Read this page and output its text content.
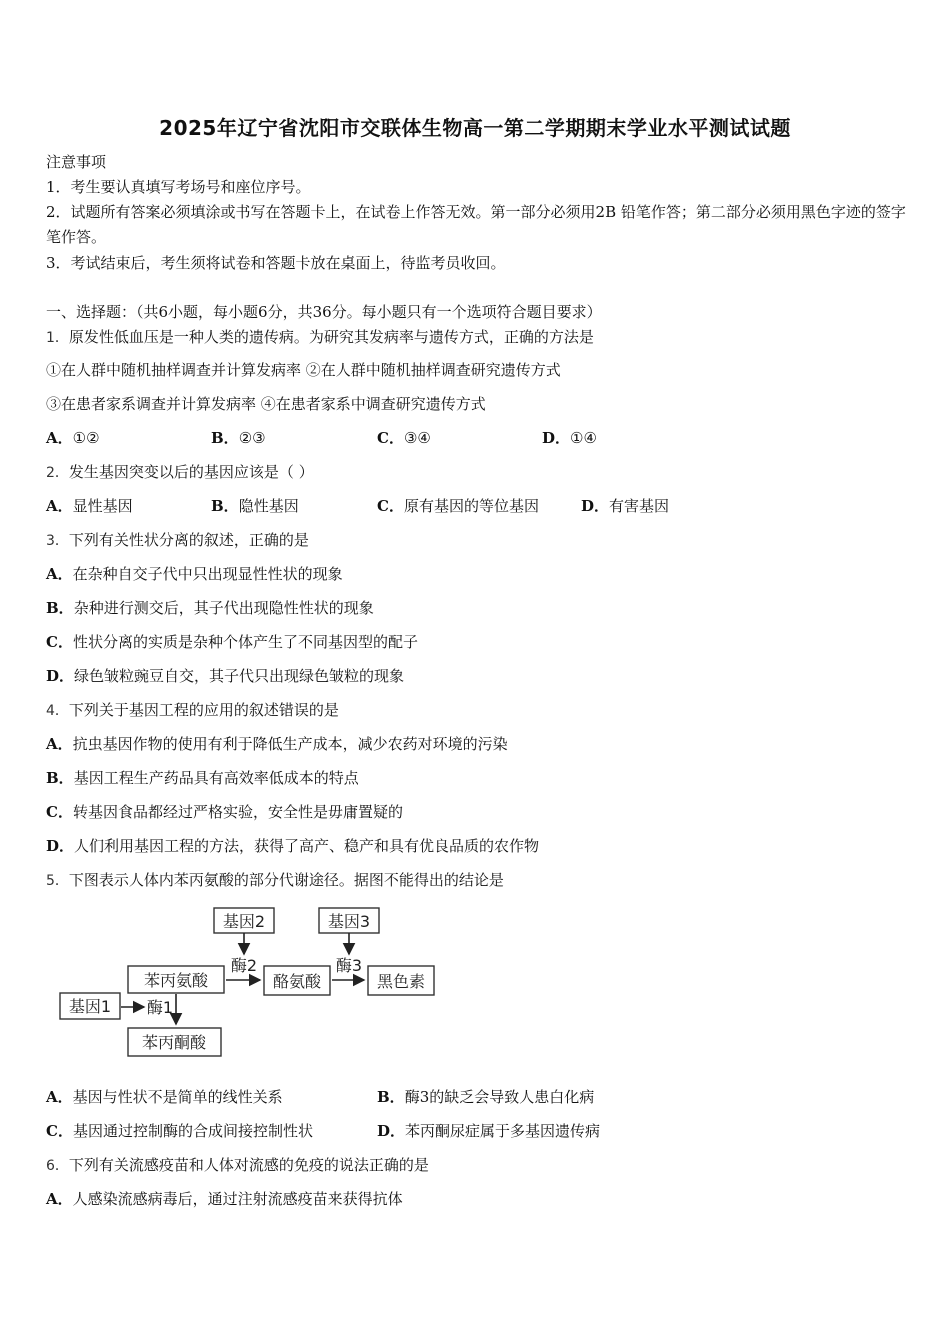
2025年辽宁省沈阳市交联体生物高一第二学期期末学业水平测试试题
注意事项
1．考生要认真填写考场号和座位序号。
2．试题所有答案必须填涂或书写在答题卡上，在试卷上作答无效。第一部分必须用2B 铅笔作答；第二部分必须用黑色字迹的签字笔作答。
3．考试结束后，考生须将试卷和答题卡放在桌面上，待监考员收回。
一、选择题：（共6小题，每小题6分，共36分。每小题只有一个选项符合题目要求）
1．原发性低血压是一种人类的遗传病。为研究其发病率与遗传方式，正确的方法是
①在人群中随机抽样调查并计算发病率 ②在人群中随机抽样调查研究遗传方式
③在患者家系调查并计算发病率 ④在患者家系中调查研究遗传方式
A．①②	B．②③	C．③④	D．①④
2．发生基因突变以后的基因应该是（ ）
A．显性基因	B．隐性基因	C．原有基因的等位基因	D．有害基因
3．下列有关性状分离的叙述，正确的是
A．在杂种自交子代中只出现显性性状的现象
B．杂种进行测交后，其子代出现隐性性状的现象
C．性状分离的实质是杂种个体产生了不同基因型的配子
D．绿色皱粒豌豆自交，其子代只出现绿色皱粒的现象
4．下列关于基因工程的应用的叙述错误的是
A．抗虫基因作物的使用有利于降低生产成本，减少农药对环境的污染
B．基因工程生产药品具有高效率低成本的特点
C．转基因食品都经过严格实验，安全性是毋庸置疑的
D．人们利用基因工程的方法，获得了高产、稳产和具有优良品质的农作物
5．下图表示人体内苯丙氨酸的部分代谢途径。据图不能得出的结论是
基因2	基因3
酶2	酶3
苯丙氨酸	酪氨酸	黑色素
基因1 酶1
苯丙酮酸
A．基因与性状不是简单的线性关系	B．酶3的缺乏会导致人患白化病
C．基因通过控制酶的合成间接控制性状	D．苯丙酮尿症属于多基因遗传病
6．下列有关流感疫苗和人体对流感的免疫的说法正确的是
A．人感染流感病毒后，通过注射流感疫苗来获得抗体
